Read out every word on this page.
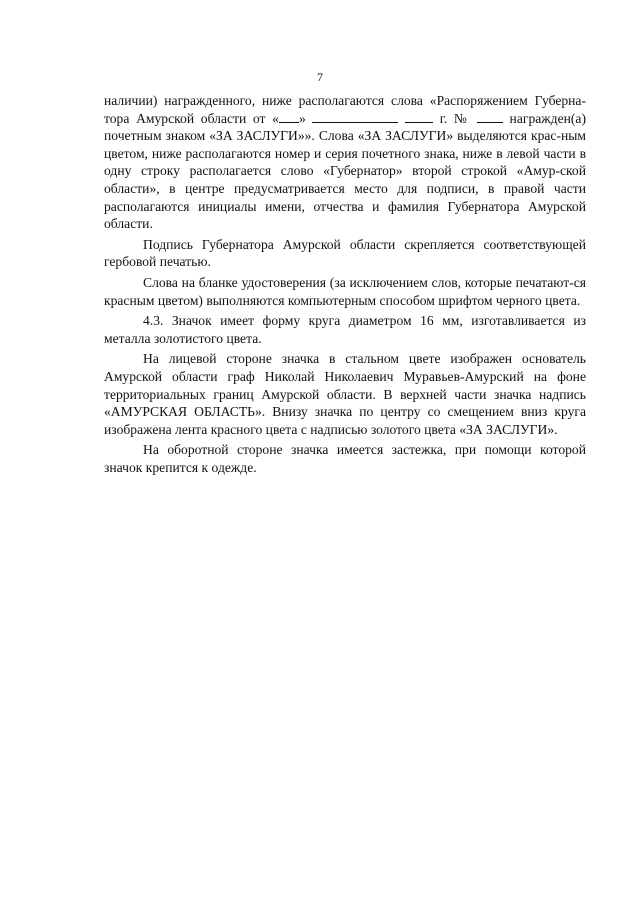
7

наличии) награжденного, ниже располагаются слова «Распоряжением Губерна-тора Амурской области от « »	г. №  награжден(а) почетным знаком «ЗА ЗАСЛУГИ»». Слова «ЗА ЗАСЛУГИ» выделяются крас-ным цветом, ниже располагаются номер и серия почетного знака, ниже в левой части в одну строку располагается слово «Губернатор» второй строкой «Амур-ской области», в центре предусматривается место для подписи, в правой части располагаются инициалы имени, отчества и фамилия Губернатора Амурской области.

Подпись Губернатора Амурской области скрепляется соответствующей гербовой печатью.

Слова на бланке удостоверения (за исключением слов, которые печатают-ся красным цветом) выполняются компьютерным способом шрифтом черного цвета.

4.3. Значок имеет форму круга диаметром 16 мм, изготавливается из металла золотистого цвета.

На лицевой стороне значка в стальном цвете изображен основатель Амурской области граф Николай Николаевич Муравьев-Амурский на фоне территориальных границ Амурской области. В верхней части значка надпись «АМУРСКАЯ ОБЛАСТЬ». Внизу значка по центру со смещением вниз круга изображена лента красного цвета с надписью золотого цвета «ЗА ЗАСЛУГИ».

На оборотной стороне значка имеется застежка, при помощи которой значок крепится к одежде.
